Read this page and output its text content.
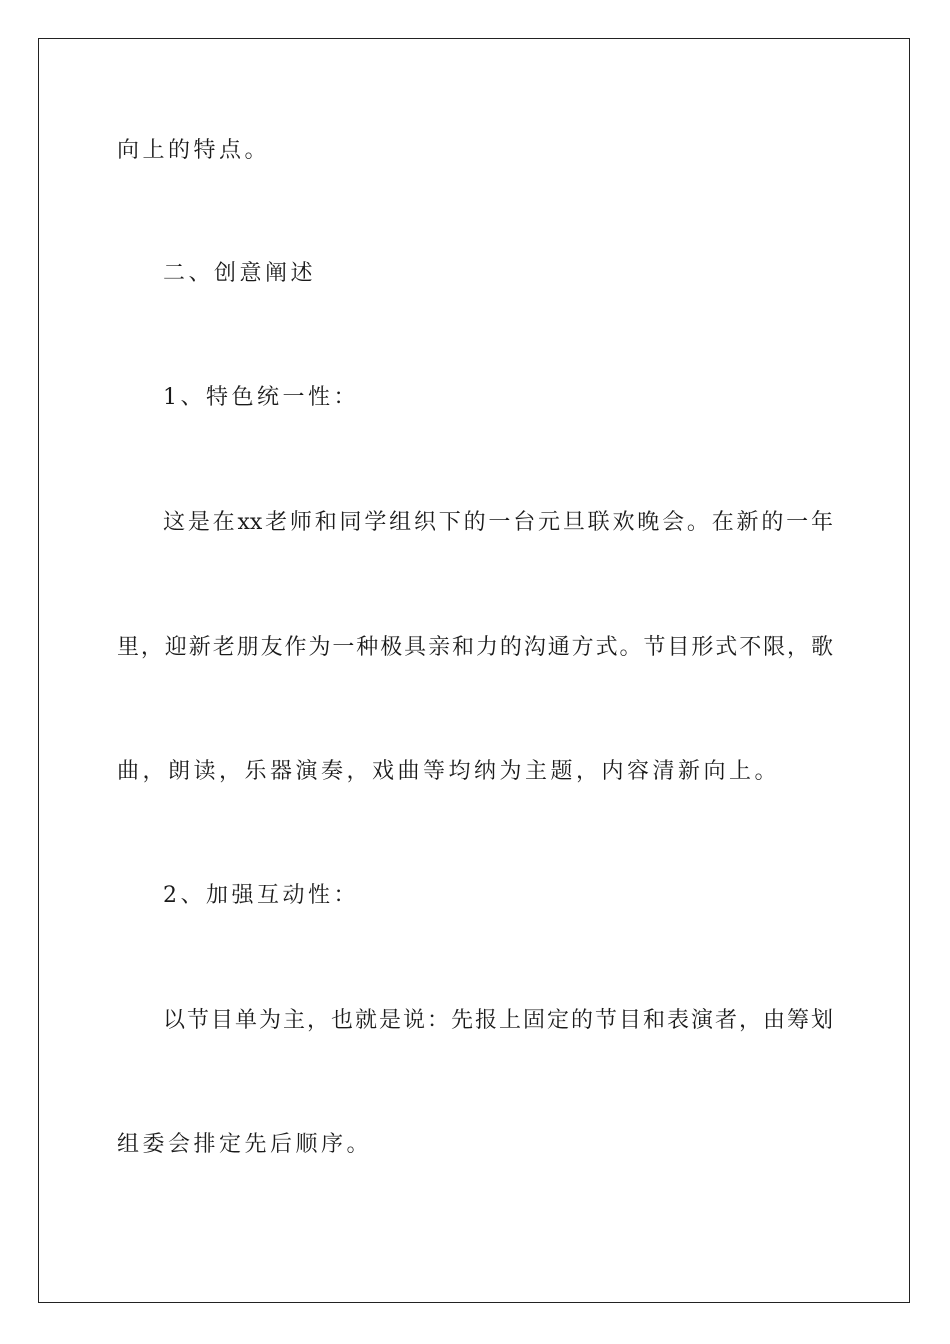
向上的特点。
二、创意阐述
1、特色统一性：
这是在xx老师和同学组织下的一台元旦联欢晚会。在新的一年
里，迎新老朋友作为一种极具亲和力的沟通方式。节目形式不限，歌
曲，朗读，乐器演奏，戏曲等均纳为主题，内容清新向上。
2、加强互动性：
以节目单为主，也就是说：先报上固定的节目和表演者，由筹划
组委会排定先后顺序。
